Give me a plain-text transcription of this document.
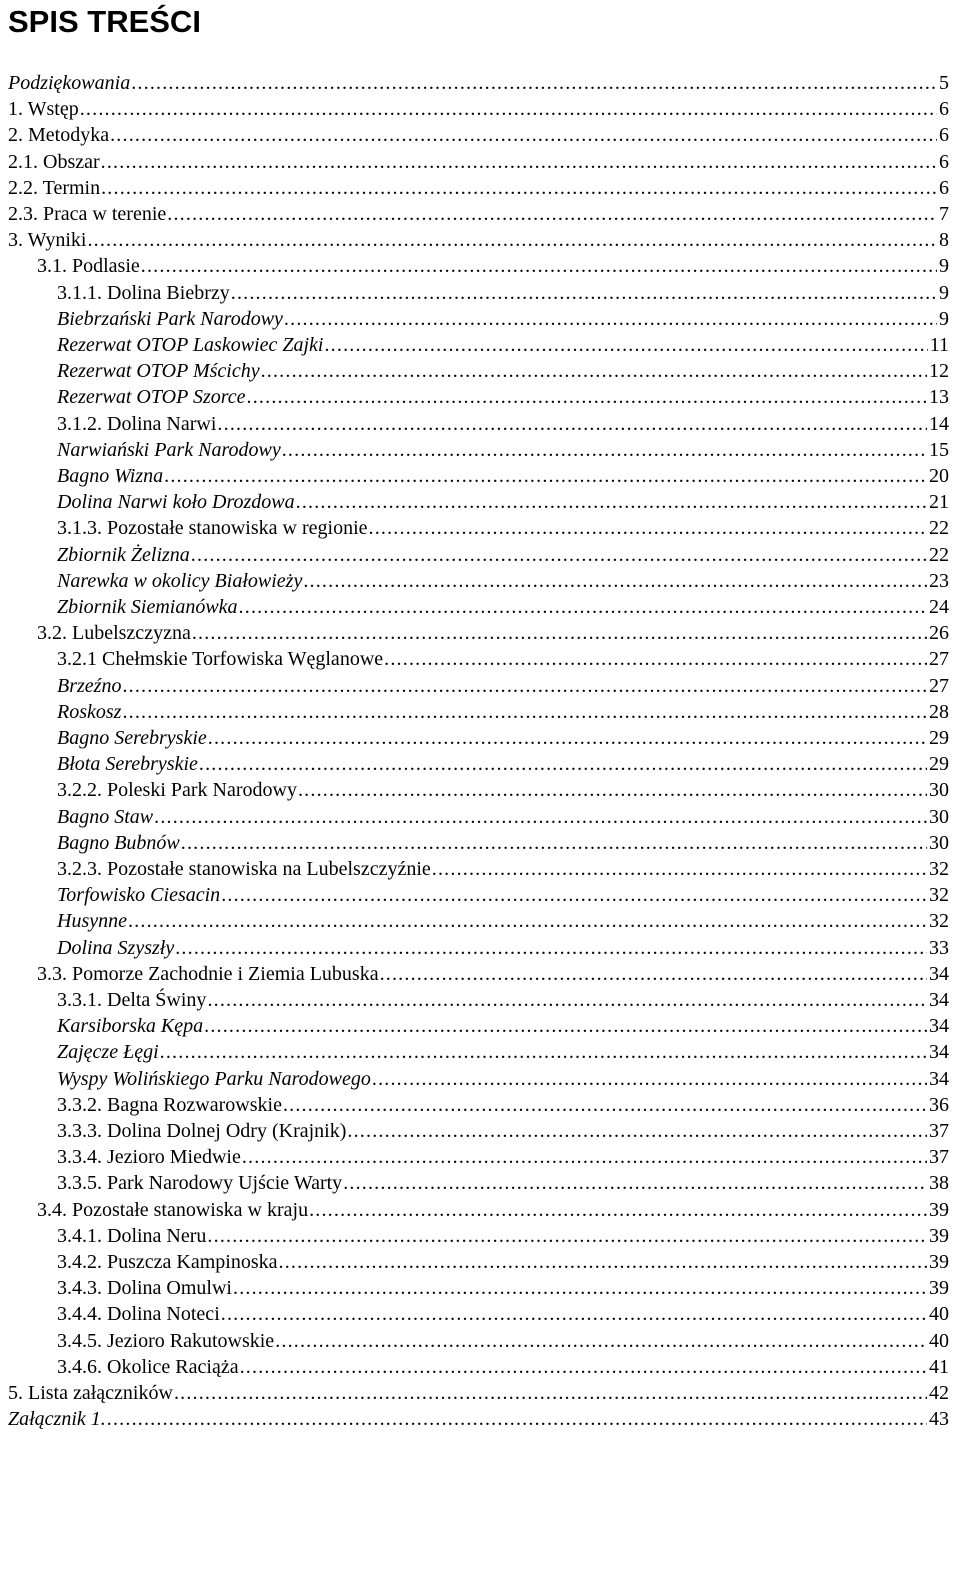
SPIS TREŚCI
Podziękowania .....	5
1. Wstęp .....	6
2. Metodyka .....	6
2.1. Obszar .....	6
2.2. Termin .....	6
2.3. Praca w terenie .....	7
3. Wyniki .....	8
3.1. Podlasie .....	9
3.1.1. Dolina Biebrzy .....	9
Biebrzański Park Narodowy .....	9
Rezerwat OTOP Laskowiec Zajki .....	11
Rezerwat OTOP Mścichy .....	12
Rezerwat OTOP Szorce .....	13
3.1.2. Dolina Narwi .....	14
Narwiański Park Narodowy .....	15
Bagno Wizna .....	20
Dolina Narwi koło Drozdowa .....	21
3.1.3. Pozostałe stanowiska w regionie .....	22
Zbiornik Żelizna .....	22
Narewka w okolicy Białowieży .....	23
Zbiornik Siemianówka .....	24
3.2. Lubelszczyzna .....	26
3.2.1 Chełmskie Torfowiska Węglanowe .....	27
Brzeźno .....	27
Roskosz .....	28
Bagno Serebryskie .....	29
Błota Serebryskie .....	29
3.2.2. Poleski Park Narodowy .....	30
Bagno Staw .....	30
Bagno Bubnów .....	30
3.2.3. Pozostałe stanowiska na Lubelszczyźnie .....	32
Torfowisko Ciesacin .....	32
Husynne .....	32
Dolina Szyszły .....	33
3.3. Pomorze Zachodnie i Ziemia Lubuska .....	34
3.3.1. Delta Świny .....	34
Karsiborska Kępa .....	34
Zajęcze Łęgi .....	34
Wyspy Wolińskiego Parku Narodowego .....	34
3.3.2. Bagna Rozwarowskie .....	36
3.3.3. Dolina Dolnej Odry (Krajnik) .....	37
3.3.4. Jezioro Miedwie .....	37
3.3.5. Park Narodowy Ujście Warty .....	38
3.4. Pozostałe stanowiska w kraju .....	39
3.4.1. Dolina Neru .....	39
3.4.2. Puszcza Kampinoska .....	39
3.4.3. Dolina Omulwi .....	39
3.4.4. Dolina Noteci .....	40
3.4.5. Jezioro Rakutowskie .....	40
3.4.6. Okolice Raciąża .....	41
5. Lista załączników .....	42
Załącznik 1. .....	43
